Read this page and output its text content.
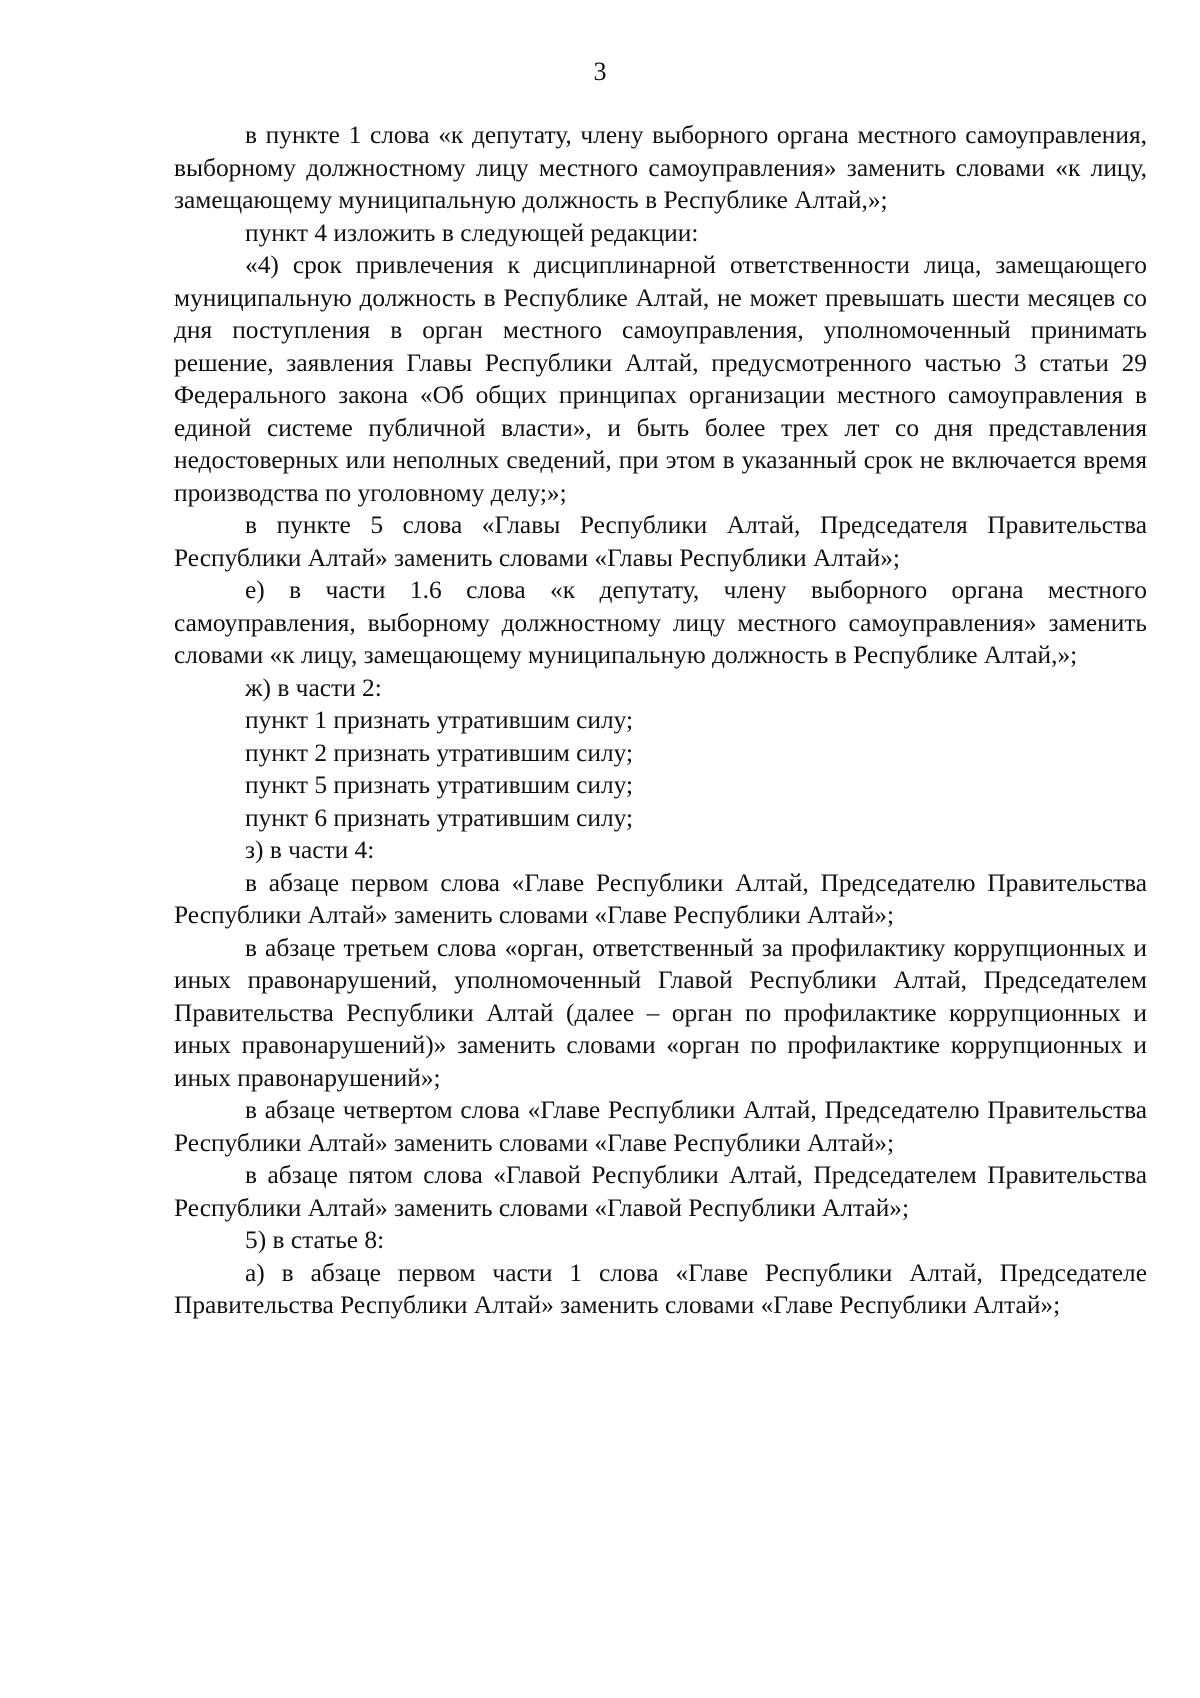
3

в пункте 1 слова «к депутату, члену выборного органа местного самоуправления, выборному должностному лицу местного самоуправления» заменить словами «к лицу, замещающему муниципальную должность в Республике Алтай,»;

пункт 4 изложить в следующей редакции:

«4) срок привлечения к дисциплинарной ответственности лица, замещающего муниципальную должность в Республике Алтай, не может превышать шести месяцев со дня поступления в орган местного самоуправления, уполномоченный принимать решение, заявления Главы Республики Алтай, предусмотренного частью 3 статьи 29 Федерального закона «Об общих принципах организации местного самоуправления в единой системе публичной власти», и быть более трех лет со дня представления недостоверных или неполных сведений, при этом в указанный срок не включается время производства по уголовному делу;»;

в пункте 5 слова «Главы Республики Алтай, Председателя Правительства Республики Алтай» заменить словами «Главы Республики Алтай»;

е) в части 1.6 слова «к депутату, члену выборного органа местного самоуправления, выборному должностному лицу местного самоуправления» заменить словами «к лицу, замещающему муниципальную должность в Республике Алтай,»;

ж) в части 2:

пункт 1 признать утратившим силу;

пункт 2 признать утратившим силу;

пункт 5 признать утратившим силу;

пункт 6 признать утратившим силу;

з) в части 4:

в абзаце первом слова «Главе Республики Алтай, Председателю Правительства Республики Алтай» заменить словами «Главе Республики Алтай»;

в абзаце третьем слова «орган, ответственный за профилактику коррупционных и иных правонарушений, уполномоченный Главой Республики Алтай, Председателем Правительства Республики Алтай (далее – орган по профилактике коррупционных и иных правонарушений)» заменить словами «орган по профилактике коррупционных и иных правонарушений»;

в абзаце четвертом слова «Главе Республики Алтай, Председателю Правительства Республики Алтай» заменить словами «Главе Республики Алтай»;

в абзаце пятом слова «Главой Республики Алтай, Председателем Правительства Республики Алтай» заменить словами «Главой Республики Алтай»;

5) в статье 8:

а) в абзаце первом части 1 слова «Главе Республики Алтай, Председателе Правительства Республики Алтай» заменить словами «Главе Республики Алтай»;
